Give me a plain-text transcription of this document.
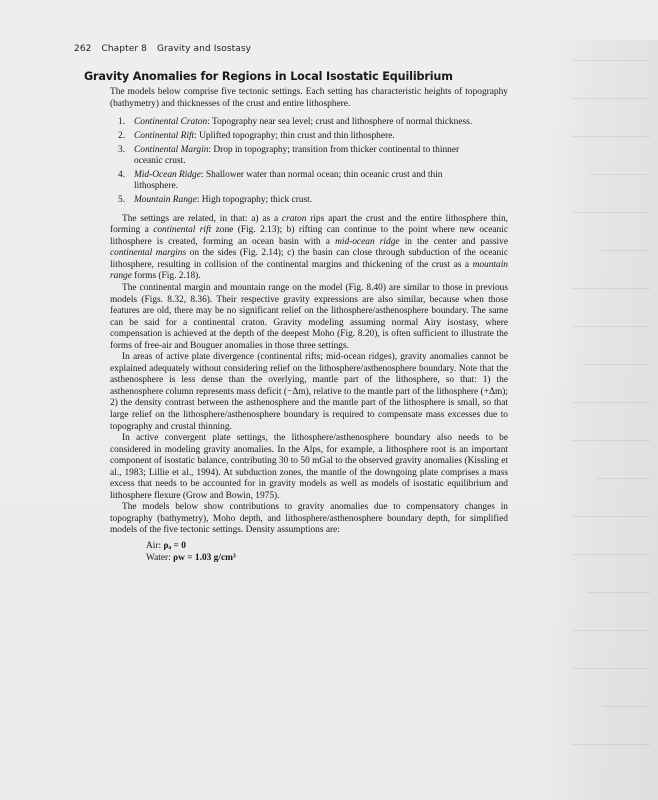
262 Chapter 8 Gravity and Isostasy
Gravity Anomalies for Regions in Local Isostatic Equilibrium

The models below comprise five tectonic settings. Each setting has characteristic heights of topography (bathymetry) and thicknesses of the crust and entire lithosphere.

1. Continental Craton: Topography near sea level; crust and lithosphere of normal thickness.
2. Continental Rift: Uplifted topography; thin crust and thin lithosphere.
3. Continental Margin: Drop in topography; transition from thicker continental to thinner oceanic crust.
4. Mid-Ocean Ridge: Shallower water than normal ocean; thin oceanic crust and thin lithosphere.
5. Mountain Range: High topography; thick crust.

The settings are related, in that: a) as a craton rips apart the crust and the entire lithosphere thin, forming a continental rift zone (Fig. 2.13); b) rifting can continue to the point where new oceanic lithosphere is created, forming an ocean basin with a mid-ocean ridge in the center and passive continental margins on the sides (Fig. 2.14); c) the basin can close through subduction of the oceanic lithosphere, resulting in collision of the continental margins and thickening of the crust as a mountain range forms (Fig. 2.18).

The continental margin and mountain range on the model (Fig. 8.40) are similar to those in previous models (Figs. 8.32, 8.36). Their respective gravity expressions are also similar, because when those features are old, there may be no significant relief on the lithosphere/asthenosphere boundary. The same can be said for a continental craton. Gravity modeling assuming normal Airy isostasy, where compensation is achieved at the depth of the deepest Moho (Fig. 8.20), is often sufficient to illustrate the forms of free-air and Bouguer anomalies in those three settings.

In areas of active plate divergence (continental rifts; mid-ocean ridges), gravity anomalies cannot be explained adequately without considering relief on the lithosphere/asthenosphere boundary. Note that the asthenosphere is less dense than the overlying, mantle part of the lithosphere, so that: 1) the asthenosphere column represents mass deficit (−Δm), relative to the mantle part of the lithosphere (+Δm); 2) the density contrast between the asthenosphere and the mantle part of the lithosphere is small, so that large relief on the lithosphere/asthenosphere boundary is required to compensate mass excesses due to topography and crustal thinning.

In active convergent plate settings, the lithosphere/asthenosphere boundary also needs to be considered in modeling gravity anomalies. In the Alps, for example, a lithosphere root is an important component of isostatic balance, contributing 30 to 50 mGal to the observed gravity anomalies (Kissling et al., 1983; Lillie et al., 1994). At subduction zones, the mantle of the downgoing plate comprises a mass excess that needs to be accounted for in gravity models as well as models of isostatic equilibrium and lithosphere flexure (Grow and Bowin, 1975).

The models below show contributions to gravity anomalies due to compensatory changes in topography (bathymetry), Moho depth, and lithosphere/asthenosphere boundary depth, for simplified models of the five tectonic settings. Density assumptions are:

Air: ρₐ = 0
Water: ρw = 1.03 g/cm³
